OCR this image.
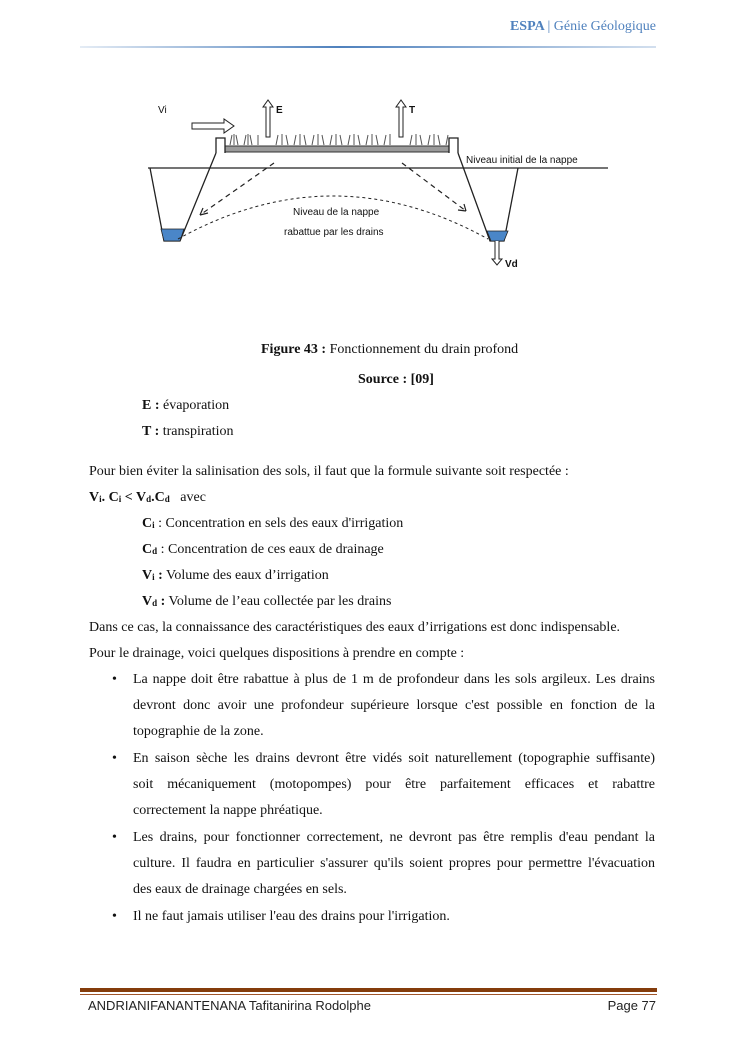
ESPA | Génie Géologique
Vi	E	T
Niveau initial de la nappe
Vd
Niveau de la nappe
rabattue par les drains
Figure 43 : Fonctionnement du drain profond
Source : [09]
E : évaporation
T : transpiration
Pour bien éviter la salinisation des sols, il faut que la formule suivante soit respectée :
$V_i$. $C_i < V_d.C_d$   avec
$C_i$ : Concentration en sels des eaux d'irrigation
$C_d$ : Concentration de ces eaux de drainage
$V_i$ : Volume des eaux d’irrigation
$V_d$ : Volume de l’eau collectée par les drains
Dans ce cas, la connaissance des caractéristiques des eaux d’irrigations est donc indispensable.
Pour le drainage, voici quelques dispositions à prendre en compte :
• La nappe doit être rabattue à plus de 1 m de profondeur dans les sols argileux. Les drains
devront donc avoir une profondeur supérieure lorsque c'est possible en fonction de la
topographie de la zone.
• En saison sèche les drains devront être vidés soit naturellement (topographie suffisante)
soit mécaniquement (motopompes) pour être parfaitement efficaces et rabattre
correctement la nappe phréatique.
• Les drains, pour fonctionner correctement, ne devront pas être remplis d'eau pendant la
culture. Il faudra en particulier s'assurer qu'ils soient propres pour permettre l'évacuation
des eaux de drainage chargées en sels.
• Il ne faut jamais utiliser l'eau des drains pour l'irrigation.
ANDRIANIFANANTENANA Tafitanirina Rodolphe	Page 77
